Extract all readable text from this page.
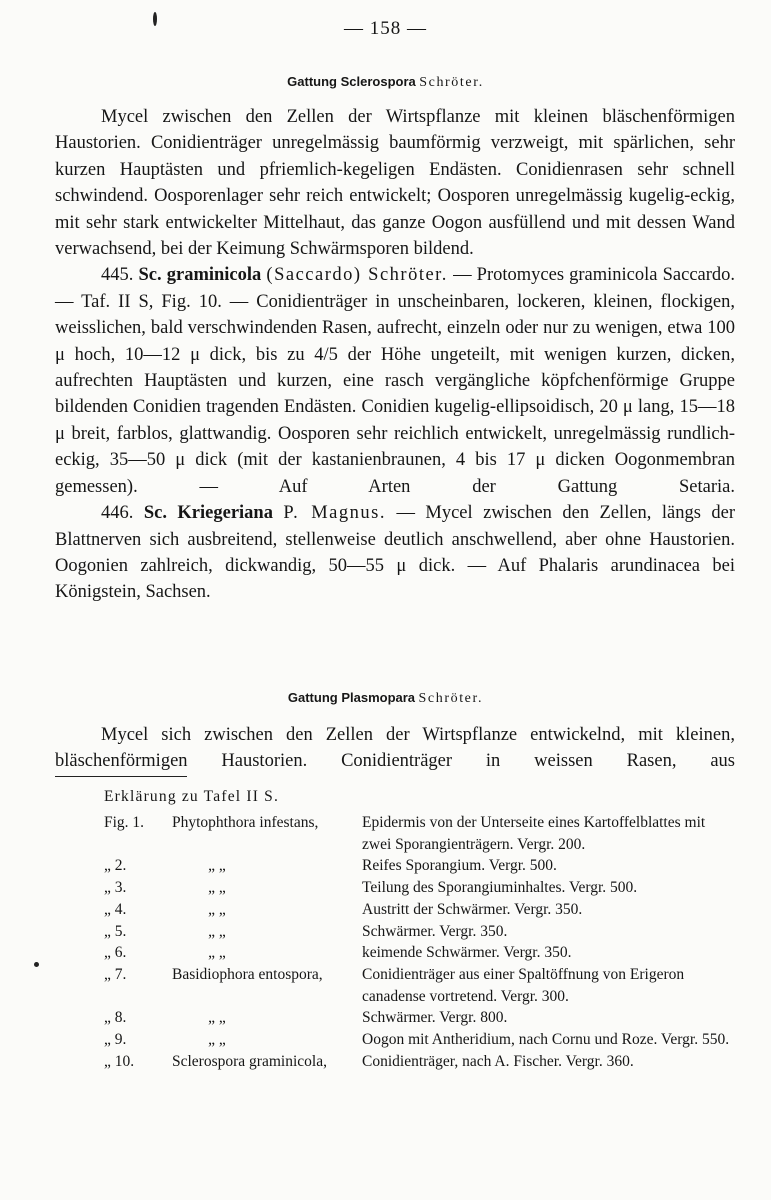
— 158 —
Gattung Sclerospora Schröter.

Mycel zwischen den Zellen der Wirtspflanze mit kleinen bläschenförmigen Haustorien. Conidienträger unregelmässig baumförmig verzweigt, mit spärlichen, sehr kurzen Hauptästen und pfriemlich-kegeligen Endästen. Conidienrasen sehr schnell schwindend. Oosporenlager sehr reich entwickelt; Oosporen unregelmässig kugelig-eckig, mit sehr stark entwickelter Mittelhaut, das ganze Oogon ausfüllend und mit dessen Wand verwachsend, bei der Keimung Schwärmsporen bildend.

445. Sc. graminicola (Saccardo) Schröter. — Protomyces graminicola Saccardo. — Taf. II S, Fig. 10. — Conidienträger in unscheinbaren, lockeren, kleinen, flockigen, weisslichen, bald verschwindenden Rasen, aufrecht, einzeln oder nur zu wenigen, etwa 100 μ hoch, 10—12 μ dick, bis zu 4/5 der Höhe ungeteilt, mit wenigen kurzen, dicken, aufrechten Hauptästen und kurzen, eine rasch vergängliche köpfchenförmige Gruppe bildenden Conidien tragenden Endästen. Conidien kugelig-ellipsoidisch, 20 μ lang, 15—18 μ breit, farblos, glattwandig. Oosporen sehr reichlich entwickelt, unregelmässig rundlich-eckig, 35—50 μ dick (mit der kastanienbraunen, 4 bis 17 μ dicken Oogonmembran gemessen). — Auf Arten der Gattung Setaria.

446. Sc. Kriegeriana P. Magnus. — Mycel zwischen den Zellen, längs der Blattnerven sich ausbreitend, stellenweise deutlich anschwellend, aber ohne Haustorien. Oogonien zahlreich, dickwandig, 50—55 μ dick. — Auf Phalaris arundinacea bei Königstein, Sachsen.

Gattung Plasmopara Schröter.

Mycel sich zwischen den Zellen der Wirtspflanze entwickelnd, mit kleinen, bläschenförmigen Haustorien. Conidienträger in weissen Rasen, aus

Erklärung zu Tafel II S.
Fig. 1.	Phytophthora infestans,	Epidermis von der Unterseite eines Kartoffelblattes mit zwei Sporangienträgern. Vergr. 200.
„ 2.	„ „	Reifes Sporangium. Vergr. 500.
„ 3.	„ „	Teilung des Sporangiuminhaltes. Vergr. 500.
„ 4.	„ „	Austritt der Schwärmer. Vergr. 350.
„ 5.	„ „	Schwärmer. Vergr. 350.
„ 6.	„ „	keimende Schwärmer. Vergr. 350.
„ 7.	Basidiophora entospora,	Conidienträger aus einer Spaltöffnung von Erigeron canadense vortretend. Vergr. 300.
„ 8.	„ „	Schwärmer. Vergr. 800.
„ 9.	„ „	Oogon mit Antheridium, nach Cornu und Roze. Vergr. 550.
„ 10.	Sclerospora graminicola,	Conidienträger, nach A. Fischer. Vergr. 360.
